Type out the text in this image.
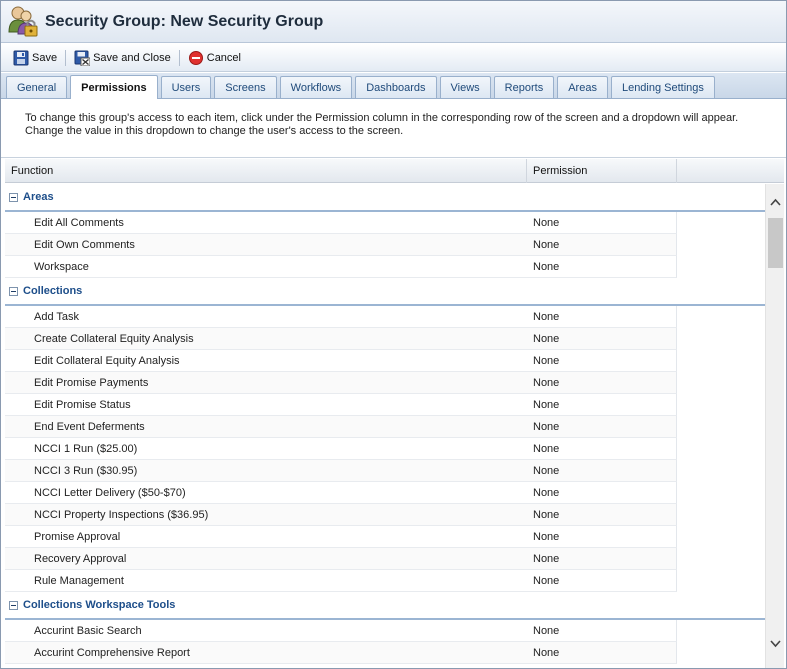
Security Group: New Security Group
Save	Save and Close	Cancel
General	Permissions	Users	Screens	Workflows	Dashboards	Views	Reports	Areas	Lending Settings

To change this group's access to each item, click under the Permission column in the corresponding row of the screen and a dropdown will appear. Change the value in this dropdown to change the user's access to the screen.

Function	Permission
Areas
Edit All Comments	None
Edit Own Comments	None
Workspace	None
Collections
Add Task	None
Create Collateral Equity Analysis	None
Edit Collateral Equity Analysis	None
Edit Promise Payments	None
Edit Promise Status	None
End Event Deferments	None
NCCI 1 Run ($25.00)	None
NCCI 3 Run ($30.95)	None
NCCI Letter Delivery ($50-$70)	None
NCCI Property Inspections ($36.95)	None
Promise Approval	None
Recovery Approval	None
Rule Management	None
Collections Workspace Tools
Accurint Basic Search	None
Accurint Comprehensive Report	None
